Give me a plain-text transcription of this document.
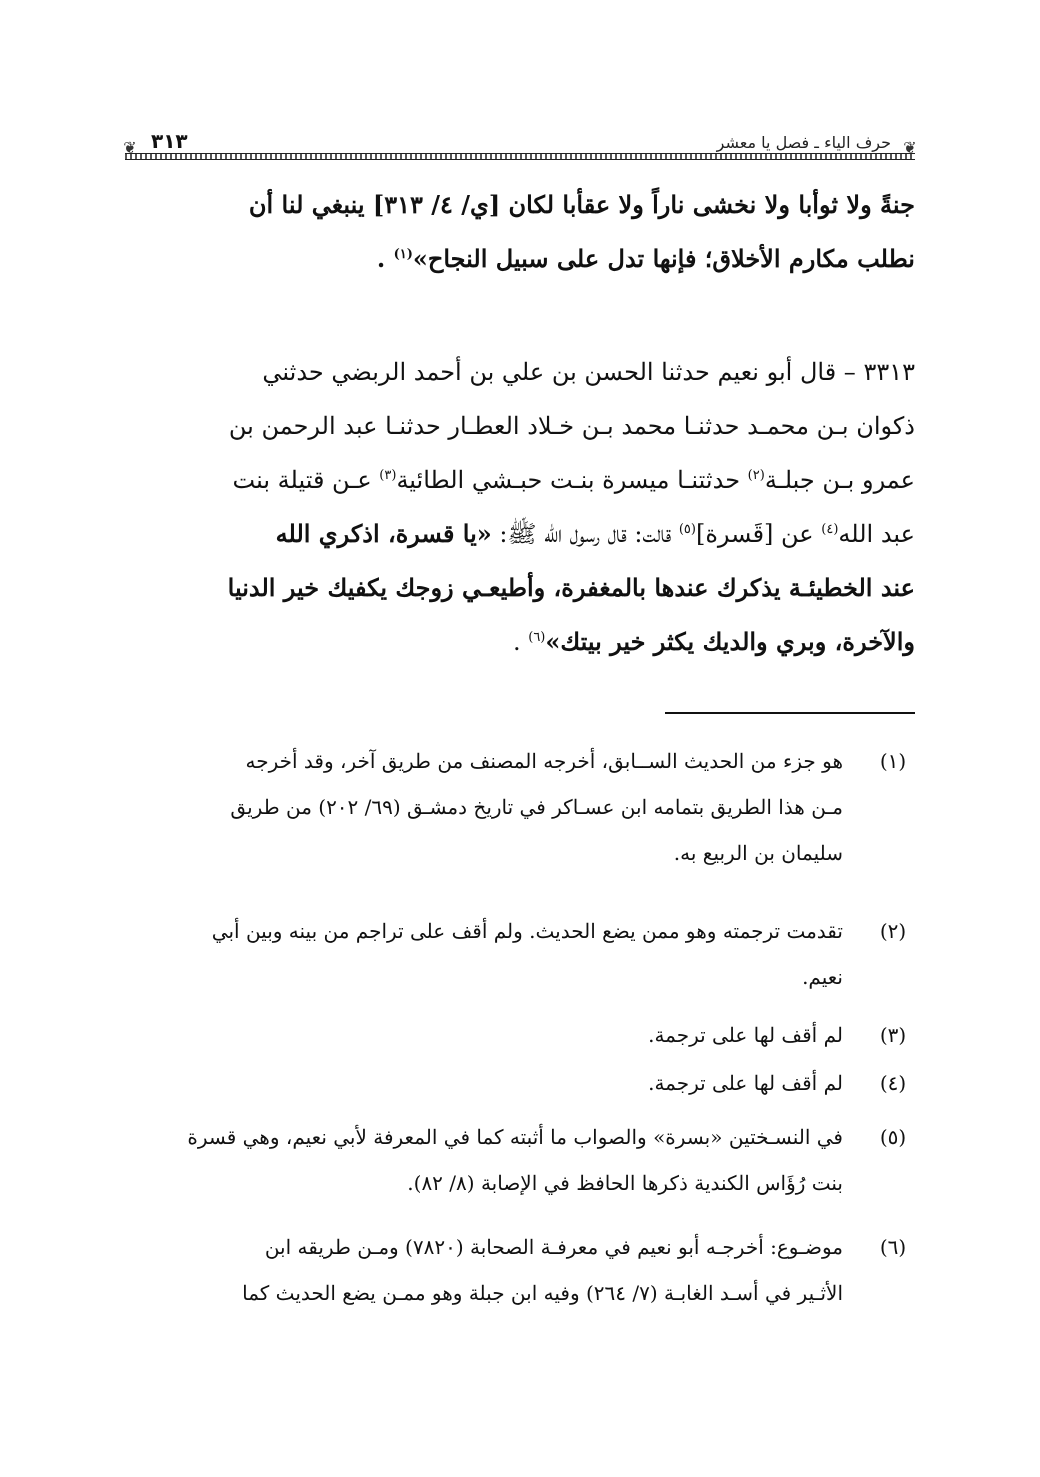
❦
❦	حرف الياء ـ فصل يا معشر
٣١٣
جنةً ولا ثوأبا ولا نخشى ناراً ولا عقأبا لكان [ي/ ٤/ ٣١٣] ينبغي لنا أن
نطلب مكارم الأخلاق؛ فإنها تدل على سبيل النجاح»$^{(١)}$ .
٣٣١٣ – قال أبو نعيم حدثنا الحسن بن علي بن أحمد الربضي حدثني
ذكوان بـن محمـد حدثنـا محمد بـن خـلاد العطـار حدثنـا عبد الرحمن بن
عمرو بـن جبلـة$^{(٢)}$ حدثتنـا ميسرة بنـت حبـشي الطائية$^{(٣)}$ عـن قتيلة بنت
عبد الله$^{(٤)}$ عن [قَسرة]$^{(٥)}$ قالت: قال رسول الله ﷺ: «يا قسرة، اذكري الله
عند الخطيئـة يذكرك عندها بالمغفرة، وأطيعـي زوجك يكفيك خير الدنيا
والآخرة، وبري والديك يكثر خير بيتك»$^{(٦)}$ .
(١)
هو جزء من الحديث الســابق، أخرجه المصنف من طريق آخر، وقد أخرجه
مـن هذا الطريق بتمامه ابن عسـاكر في تاريخ دمشـق (٦٩/ ٢٠٢) من طريق
سليمان بن الربيع به.
(٢)
تقدمت ترجمته وهو ممن يضع الحديث. ولم أقف على تراجم من بينه وبين أبي
نعيم.
(٣)
لم أقف لها على ترجمة.
(٤)
لم أقف لها على ترجمة.
(٥)
في النسـختين «بسرة» والصواب ما أثبته كما في المعرفة لأبي نعيم، وهي قسرة
بنت رُؤَاس الكندية ذكرها الحافظ في الإصابة (٨/ ٨٢).
(٦)
موضـوع: أخرجـه أبو نعيم في معرفـة الصحابة (٧٨٢٠) ومـن طريقه ابن
الأثـير في أسـد الغابـة (٧/ ٢٦٤) وفيه ابن جبلة وهو ممـن يضع الحديث كما
